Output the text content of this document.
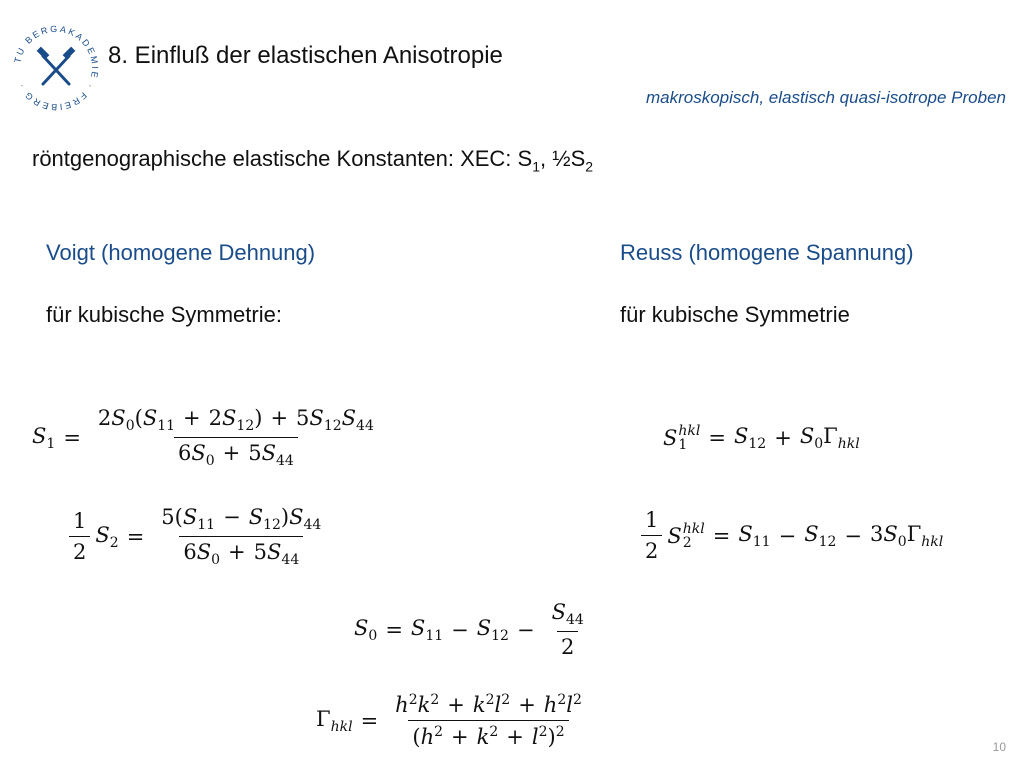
TU BERGAKADEMIE · FREIBERG ·
8. Einfluß der elastischen Anisotropie
makroskopisch, elastisch quasi-isotrope Proben
röntgenographische elastische Konstanten: XEC: $S_1$, $\frac{1}{2}S_2$
Voigt (homogene Dehnung)	Reuss (homogene Spannung)
für kubische Symmetrie:	für kubische Symmetrie
$S_1 = \frac{2S_0(S_{11} + 2S_{12}) + 5S_{12}S_{44}}{6S_0 + 5S_{44}}$
$\frac{1}{2} S_2 = \frac{5(S_{11} - S_{12})S_{44}}{6S_0 + 5S_{44}}$
S hkl
1	= $S_{12} + S_0\Gamma_{hkl}$
$\frac{1}{2}$ S hkl
2	= $S_{11} - S_{12} - 3S_0\Gamma_{hkl}$
$S_0 = S_{11} - S_{12} - \frac{S_{44}}{2}$
$\Gamma_{hkl} = \frac{h^2k^2 + k^2l^2 + h^2l^2}{(h^2 + k^2 + l^2)^2}$	10
